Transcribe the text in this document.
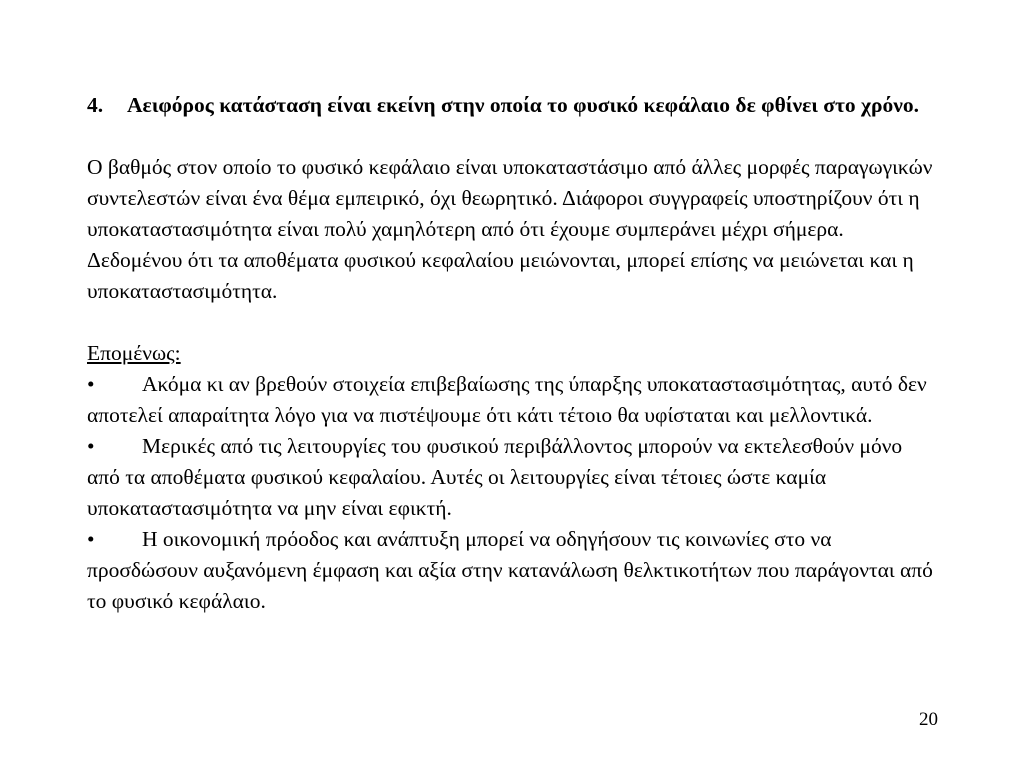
4. Αειφόρος κατάσταση είναι εκείνη στην οποία το φυσικό κεφάλαιο δε φθίνει στο χρόνο.

Ο βαθμός στον οποίο το φυσικό κεφάλαιο είναι υποκαταστάσιμο από άλλες μορφές παραγωγικών συντελεστών είναι ένα θέμα εμπειρικό, όχι θεωρητικό. Διάφοροι συγγραφείς υποστηρίζουν ότι η υποκαταστασιμότητα είναι πολύ χαμηλότερη από ότι έχουμε συμπεράνει μέχρι σήμερα. Δεδομένου ότι τα αποθέματα φυσικού κεφαλαίου μειώνονται, μπορεί επίσης να μειώνεται και η υποκαταστασιμότητα.

Επομένως:

• Ακόμα κι αν βρεθούν στοιχεία επιβεβαίωσης της ύπαρξης υποκαταστασιμότητας, αυτό δεν αποτελεί απαραίτητα λόγο για να πιστέψουμε ότι κάτι τέτοιο θα υφίσταται και μελλοντικά.

• Μερικές από τις λειτουργίες του φυσικού περιβάλλοντος μπορούν να εκτελεσθούν μόνο από τα αποθέματα φυσικού κεφαλαίου. Αυτές οι λειτουργίες είναι τέτοιες ώστε καμία υποκαταστασιμότητα να μην είναι εφικτή.

• Η οικονομική πρόοδος και ανάπτυξη μπορεί να οδηγήσουν τις κοινωνίες στο να προσδώσουν αυξανόμενη έμφαση και αξία στην κατανάλωση θελκτικοτήτων που παράγονται από το φυσικό κεφάλαιο.

20
